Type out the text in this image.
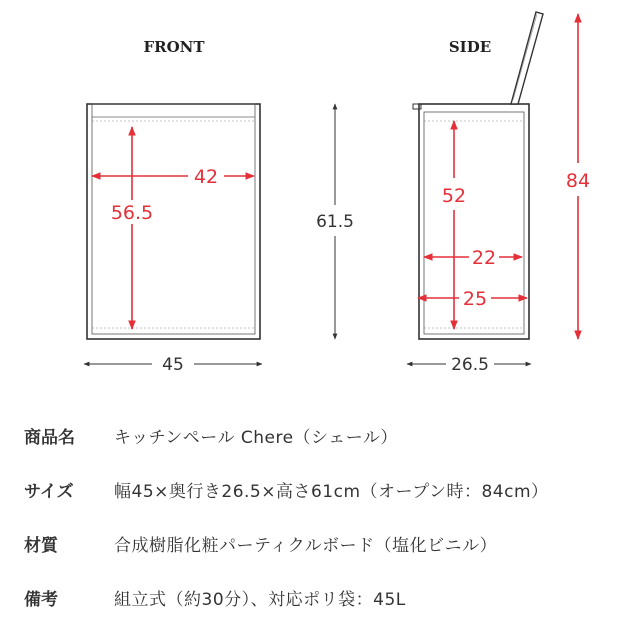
FRONT	SIDE
42
56.5	61.5
45
84
52
22
25
26.5
商品名	キッチンペール Chere（シェール）
サイズ	幅45×奥行き26.5×高さ61cm（オープン時：84cm）
材質	合成樹脂化粧パーティクルボード（塩化ビニル）
備考	組立式（約30分）、対応ポリ袋：45L
